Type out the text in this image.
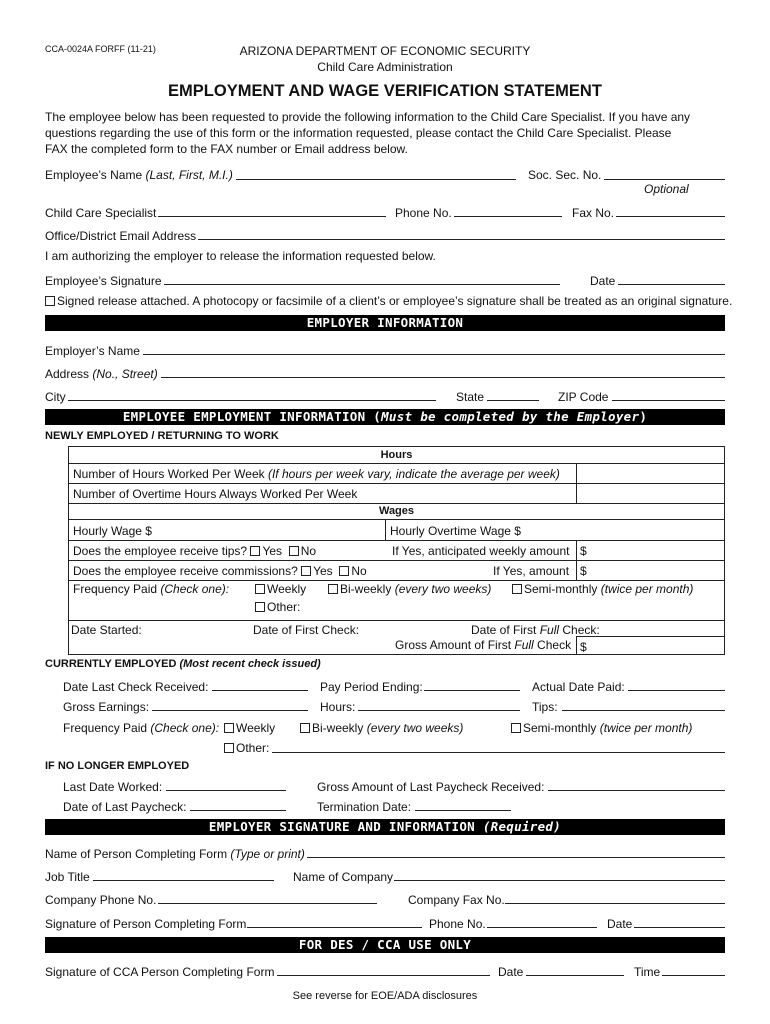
CCA-0024A FORFF (11-21)	ARIZONA DEPARTMENT OF ECONOMIC SECURITY
Child Care Administration
EMPLOYMENT AND WAGE VERIFICATION STATEMENT
The employee below has been requested to provide the following information to the Child Care Specialist. If you have any
questions regarding the use of this form or the information requested, please contact the Child Care Specialist. Please
FAX the completed form to the FAX number or Email address below.
Employee’s Name (Last, First, M.I.)	Soc. Sec. No.
Optional
Child Care Specialist	Phone No.	Fax No.
Office/District Email Address
I am authorizing the employer to release the information requested below.
Employee’s Signature	Date
Signed release attached. A photocopy or facsimile of a client’s or employee’s signature shall be treated as an original signature.
EMPLOYER INFORMATION
Employer’s Name
Address (No., Street)
City	State	ZIP Code
EMPLOYEE EMPLOYMENT INFORMATION (Must be completed by the Employer)
NEWLY EMPLOYED / RETURNING TO WORK
Hours
Number of Hours Worked Per Week (If hours per week vary, indicate the average per week)
Number of Overtime Hours Always Worked Per Week
Wages
Hourly Wage $	Hourly Overtime Wage $
Does the employee receive tips? Yes No	If Yes, anticipated weekly amount $
Does the employee receive commissions? Yes No	If Yes, amount $
Frequency Paid (Check one):	Weekly	Bi-weekly (every two weeks)	Semi-monthly (twice per month)
Other:
Date Started:	Date of First Check:	Date of First Full Check:
Gross Amount of First Full Check $
CURRENTLY EMPLOYED (Most recent check issued)
Date Last Check Received:	Pay Period Ending:	Actual Date Paid:
Gross Earnings:	Hours:	Tips:
Frequency Paid (Check one):	Weekly	Bi-weekly (every two weeks)	Semi-monthly (twice per month)
Other:
IF NO LONGER EMPLOYED
Last Date Worked:	Gross Amount of Last Paycheck Received:
Date of Last Paycheck:	Termination Date:
EMPLOYER SIGNATURE AND INFORMATION (Required)
Name of Person Completing Form (Type or print)
Job Title	Name of Company
Company Phone No.	Company Fax No.
Signature of Person Completing Form	Phone No.	Date
FOR DES / CCA USE ONLY
Signature of CCA Person Completing Form	Date	Time
See reverse for EOE/ADA disclosures
